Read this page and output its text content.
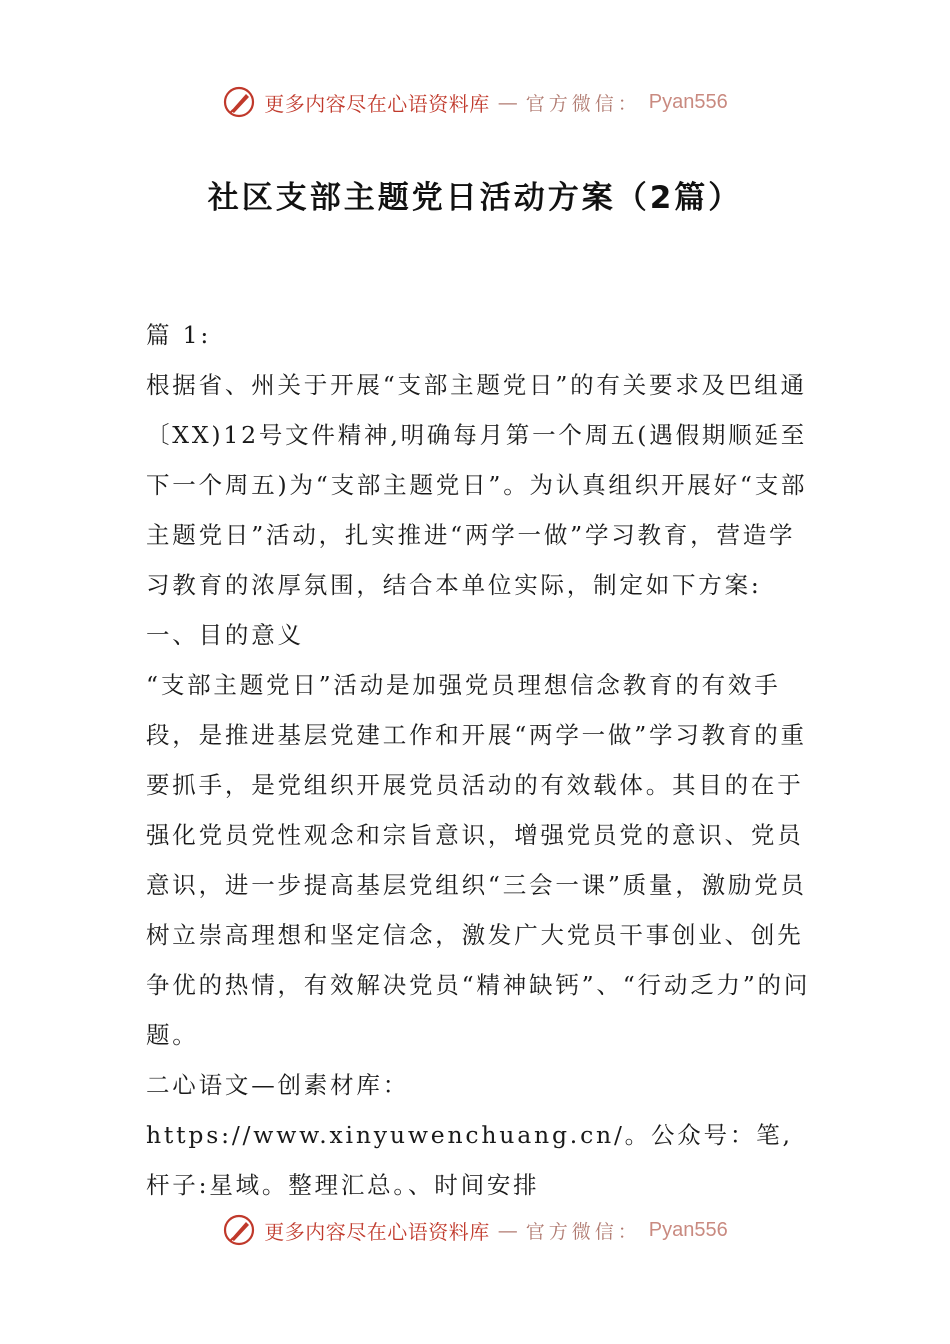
更多内容尽在心语资料库 — 官方微信： Pyan556
社区支部主题党日活动方案（2篇）

篇 1:

根据省、州关于开展“支部主题党日”的有关要求及巴组通〔XX)12号文件精神,明确每月第一个周五(遇假期顺延至下一个周五)为“支部主题党日”。为认真组织开展好“支部主题党日”活动，扎实推进“两学一做”学习教育，营造学习教育的浓厚氛围，结合本单位实际，制定如下方案:

一、目的意义

“支部主题党日”活动是加强党员理想信念教育的有效手段，是推进基层党建工作和开展“两学一做”学习教育的重要抓手，是党组织开展党员活动的有效载体。其目的在于强化党员党性观念和宗旨意识，增强党员党的意识、党员意识，进一步提高基层党组织“三会一课”质量，激励党员树立崇高理想和坚定信念，激发广大党员干事创业、创先争优的热情，有效解决党员“精神缺钙”、“行动乏力”的问题。

二心语文—创素材库：https://www.xinyuwenchuang.cn/。公众号：笔,杆子:星域。整理汇总。、时间安排

更多内容尽在心语资料库 — 官方微信： Pyan556
